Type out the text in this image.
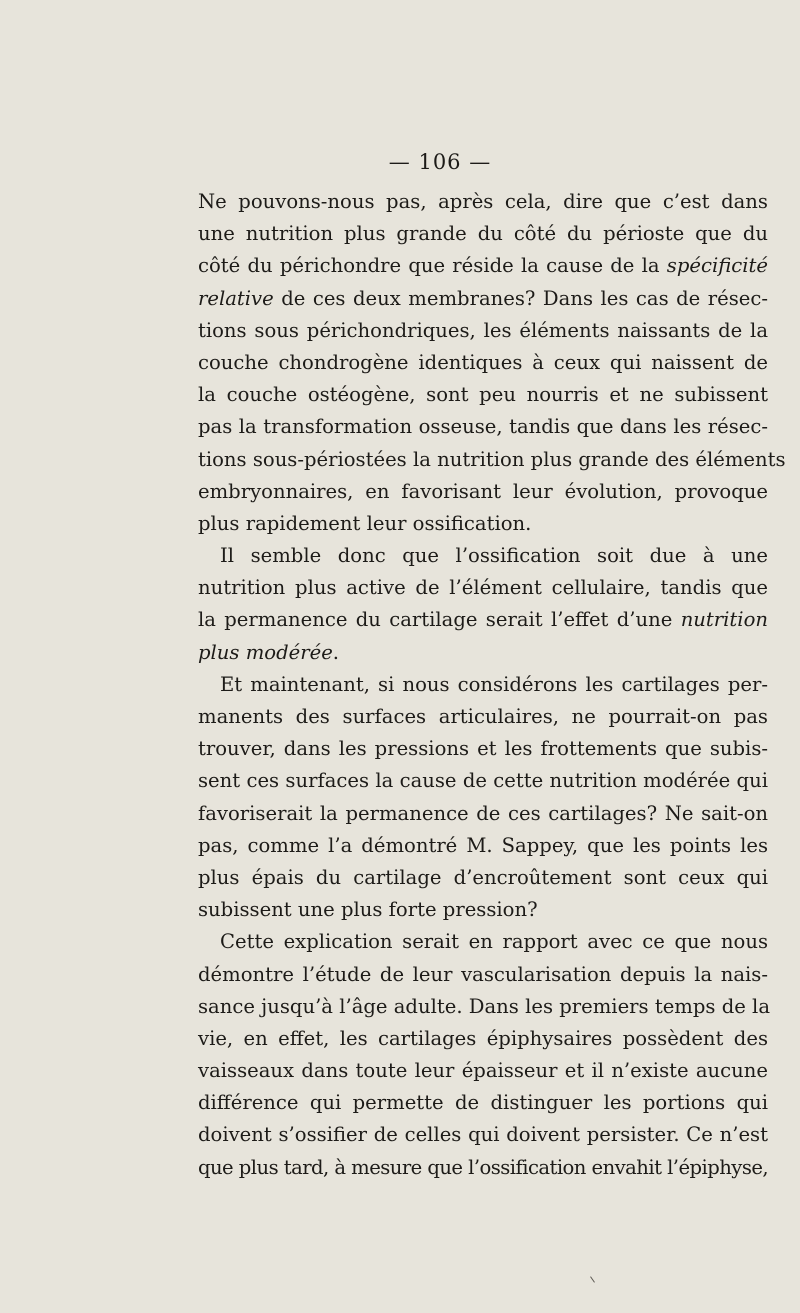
— 106 —
Ne pouvons-nous pas, après cela, dire que c’est dans
une nutrition plus grande du côté du périoste que du
côté du périchondre que réside la cause de la spécificité
relative de ces deux membranes? Dans les cas de résec-
tions sous périchondriques, les éléments naissants de la
couche chondrogène identiques à ceux qui naissent de
la couche ostéogène, sont peu nourris et ne subissent
pas la transformation osseuse, tandis que dans les résec-
tions sous-périostées la nutrition plus grande des éléments
embryonnaires, en favorisant leur évolution, provoque
plus rapidement leur ossification.
Il semble donc que l’ossification soit due à une
nutrition plus active de l’élément cellulaire, tandis que
la permanence du cartilage serait l’effet d’une nutrition
plus modérée.
Et maintenant, si nous considérons les cartilages per-
manents des surfaces articulaires, ne pourrait-on pas
trouver, dans les pressions et les frottements que subis-
sent ces surfaces la cause de cette nutrition modérée qui
favoriserait la permanence de ces cartilages? Ne sait-on
pas, comme l’a démontré M. Sappey, que les points les
plus épais du cartilage d’encroûtement sont ceux qui
subissent une plus forte pression?
Cette explication serait en rapport avec ce que nous
démontre l’étude de leur vascularisation depuis la nais-
sance jusqu’à l’âge adulte. Dans les premiers temps de la
vie, en effet, les cartilages épiphysaires possèdent des
vaisseaux dans toute leur épaisseur et il n’existe aucune
différence qui permette de distinguer les portions qui
doivent s’ossifier de celles qui doivent persister. Ce n’est
que plus tard, à mesure que l’ossification envahit l’épiphyse,
